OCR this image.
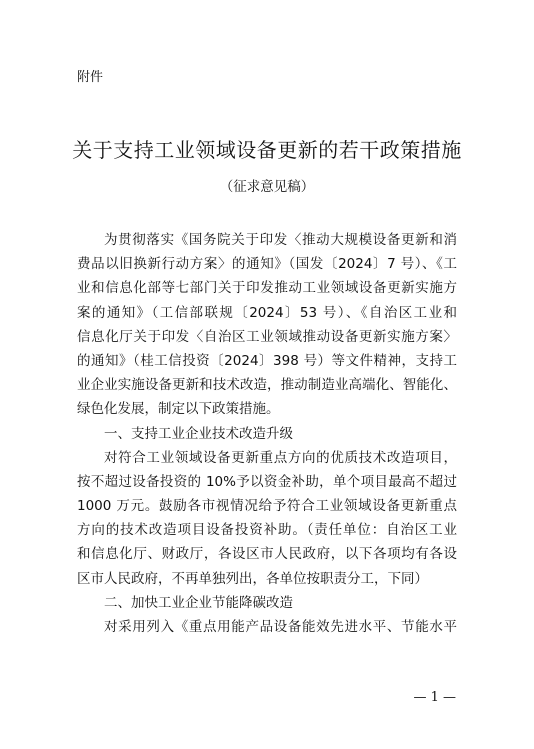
附件
关于支持工业领域设备更新的若干政策措施
（征求意见稿）
为贯彻落实《国务院关于印发〈推动大规模设备更新和消
费品以旧换新行动方案〉的通知》（国发〔2024〕7 号）、《工
业和信息化部等七部门关于印发推动工业领域设备更新实施方
案的通知》（工信部联规〔2024〕53 号）、《自治区工业和
信息化厅关于印发〈自治区工业领域推动设备更新实施方案〉
的通知》（桂工信投资〔2024〕398 号）等文件精神，支持工
业企业实施设备更新和技术改造，推动制造业高端化、智能化、
绿色化发展，制定以下政策措施。
一、支持工业企业技术改造升级
对符合工业领域设备更新重点方向的优质技术改造项目，
按不超过设备投资的 10%予以资金补助，单个项目最高不超过
1000 万元。鼓励各市视情况给予符合工业领域设备更新重点
方向的技术改造项目设备投资补助。（责任单位：自治区工业
和信息化厅、财政厅，各设区市人民政府，以下各项均有各设
区市人民政府，不再单独列出，各单位按职责分工，下同）
二、加快工业企业节能降碳改造
对采用列入《重点用能产品设备能效先进水平、节能水平
— 1 —
